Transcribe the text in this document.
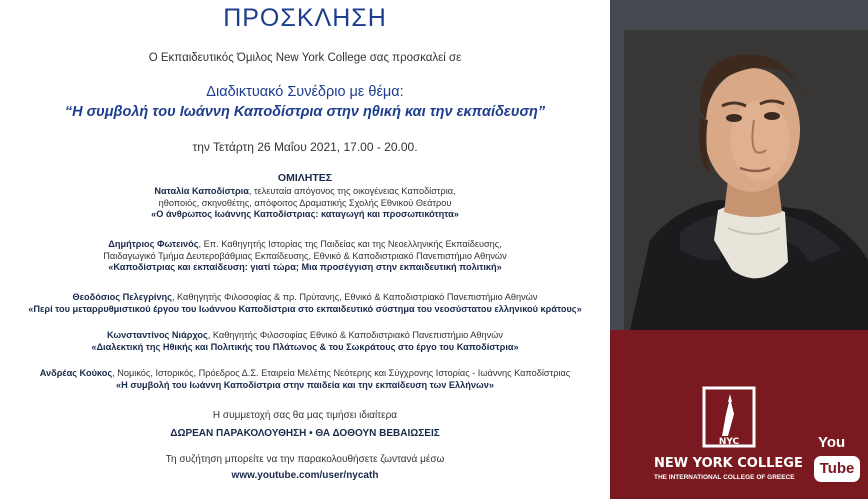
ΠΡΟΣΚΛΗΣΗ
Ο Εκπαιδευτικός Όμιλος New York College σας προσκαλεί σε
Διαδικτυακό Συνέδριο με θέμα:
“Η συμβολή του Ιωάννη Καποδίστρια στην ηθική και την εκπαίδευση”
την Τετάρτη 26 Μαΐου 2021, 17.00 - 20.00.
ΟΜΙΛΗΤΕΣ
Ναταλία Καποδίστρια, τελευταία απόγονος της οικογένειας Καποδίστρια,
ηθοποιός, σκηνοθέτης, απόφοιτος Δραματικής Σχολής Εθνικού Θεάτρου
«Ο άνθρωπος Ιωάννης Καποδίστριας: καταγωγή και προσωπικότητα»
Δημήτριος Φωτεινός, Επ. Καθηγητής Ιστορίας της Παιδείας και της Νεοελληνικής Εκπαίδευσης,
Παιδαγωγικό Τμήμα Δευτεροβάθμιας Εκπαίδευσης, Εθνικό & Καποδιστριακό Πανεπιστήμιο Αθηνών
«Καποδίστριας και εκπαίδευση: γιατί τώρα; Μια προσέγγιση στην εκπαιδευτική πολιτική»
Θεοδόσιος Πελεγρίνης, Καθηγητής Φιλοσοφίας & πρ. Πρύτανης, Εθνικό & Καποδιστριακό Πανεπιστήμιο Αθηνών
«Περί του μεταρρυθμιστικού έργου του Ιωάννου Καποδίστρια στο εκπαιδευτικό σύστημα του νεοσύστατου ελληνικού κράτους»
Κωνσταντίνος Νιάρχος, Καθηγητής Φιλοσοφίας Εθνικό & Καποδιστριακό Πανεπιστήμιο Αθηνών
«Διαλεκτική της Ηθικής και Πολιτικής του Πλάτωνος & του Σωκράτους στο έργο του Καποδίστρια»
Ανδρέας Κούκος, Νομικός, Ιστορικός, Πρόεδρος Δ.Σ. Εταιρεία Μελέτης Νεότερης και Σύγχρονης Ιστορίας - Ιωάννης Καποδίστριας
«Η συμβολή του Ιωάννη Καποδίστρια στην παιδεία και την εκπαίδευση των Ελλήνων»
Η συμμετοχή σας θα μας τιμήσει ιδιαίτερα
ΔΩΡΕΑΝ ΠΑΡΑΚΟΛΟΥΘΗΣΗ • ΘΑ ΔΟΘΟΥΝ ΒΕΒΑΙΩΣΕΙΣ
Τη συζήτηση μπορείτε να την παρακολουθήσετε ζωντανά μέσω
www.youtube.com/user/nycath
NYC
NEW YORK COLLEGE
THE INTERNATIONAL COLLEGE OF GREECE
You
Tube
